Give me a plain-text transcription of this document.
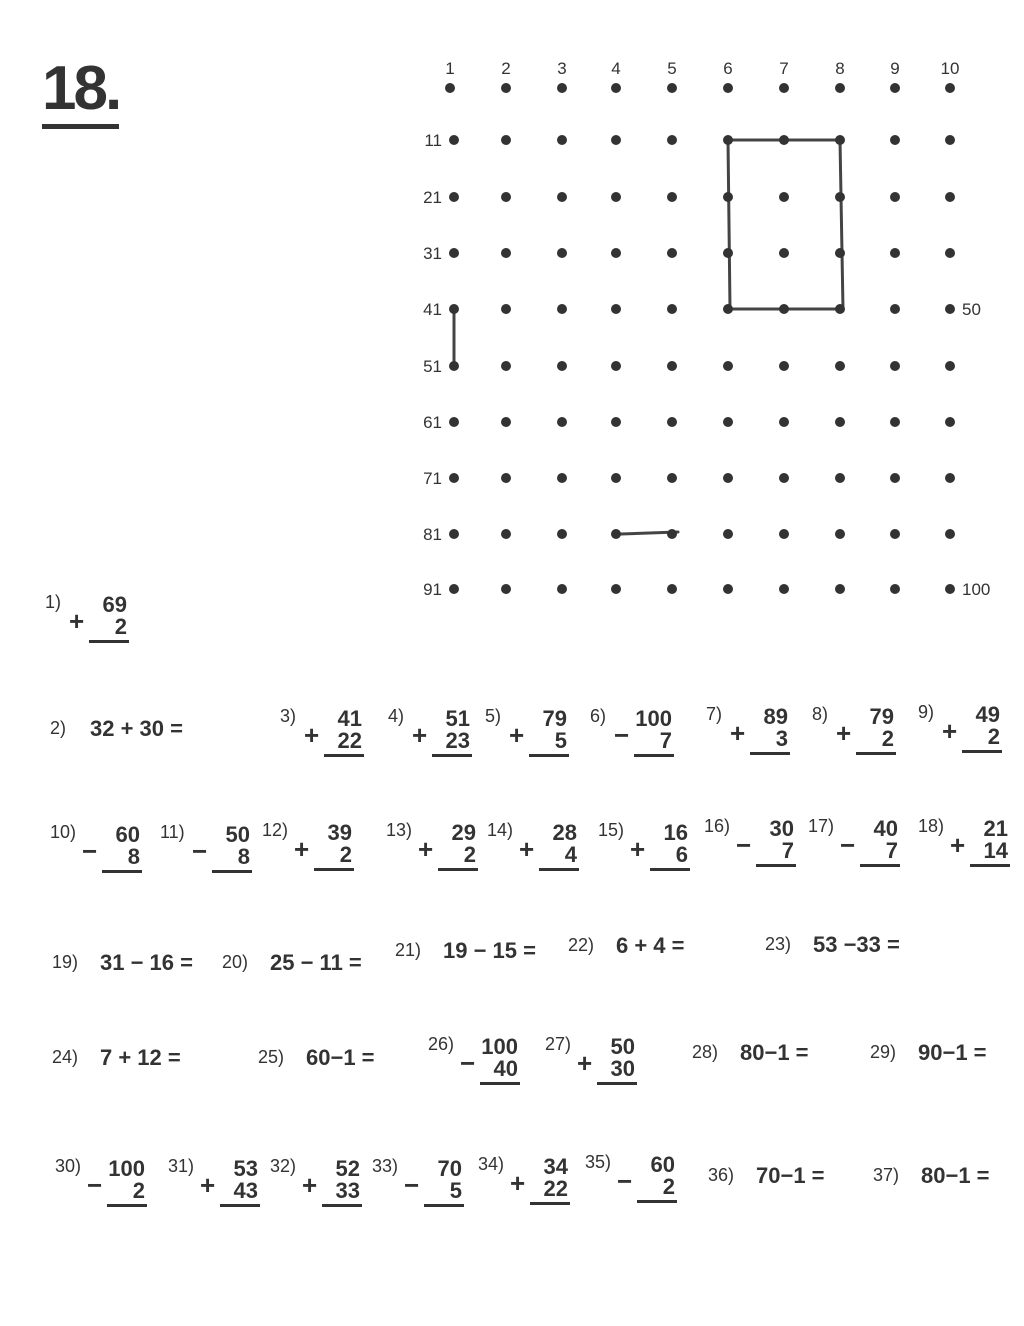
18.	1	2	3	4	5	6	7	8	9 10
11
21
31
41
51
61
71
81
91
50
100
1)
+
69
2
2) 32 + 30 =	3)
+
41
22
4)
+
51
23
5)
+
79
5
6)
−
100
7
7)
+
89
3
8)
+
79
2
9)
+
49
2
10)
−
60
8
11)
−
50
8
12)
+
39
2
13)
+
29
2
14)
+
28
4
15)
+
16
6
16)
−
30
7
17)
−
40
7
18)
+
21
14
19) 31 − 16 = 20) 25 − 11 = 21) 19 − 15 = 22) 6 + 4 =	23) 53 −33 =
24) 7 + 12 =	25) 60−1 =
26)
−
100
40
27)
+
50
30
28) 80−1 =	29) 90−1 =
30)
−
100
2
31)
+
53
43
32)
+
52
33
33)
−
70
5
34)
+
34
22
35)
−
60
2 36) 70−1 =	37) 80−1 =
